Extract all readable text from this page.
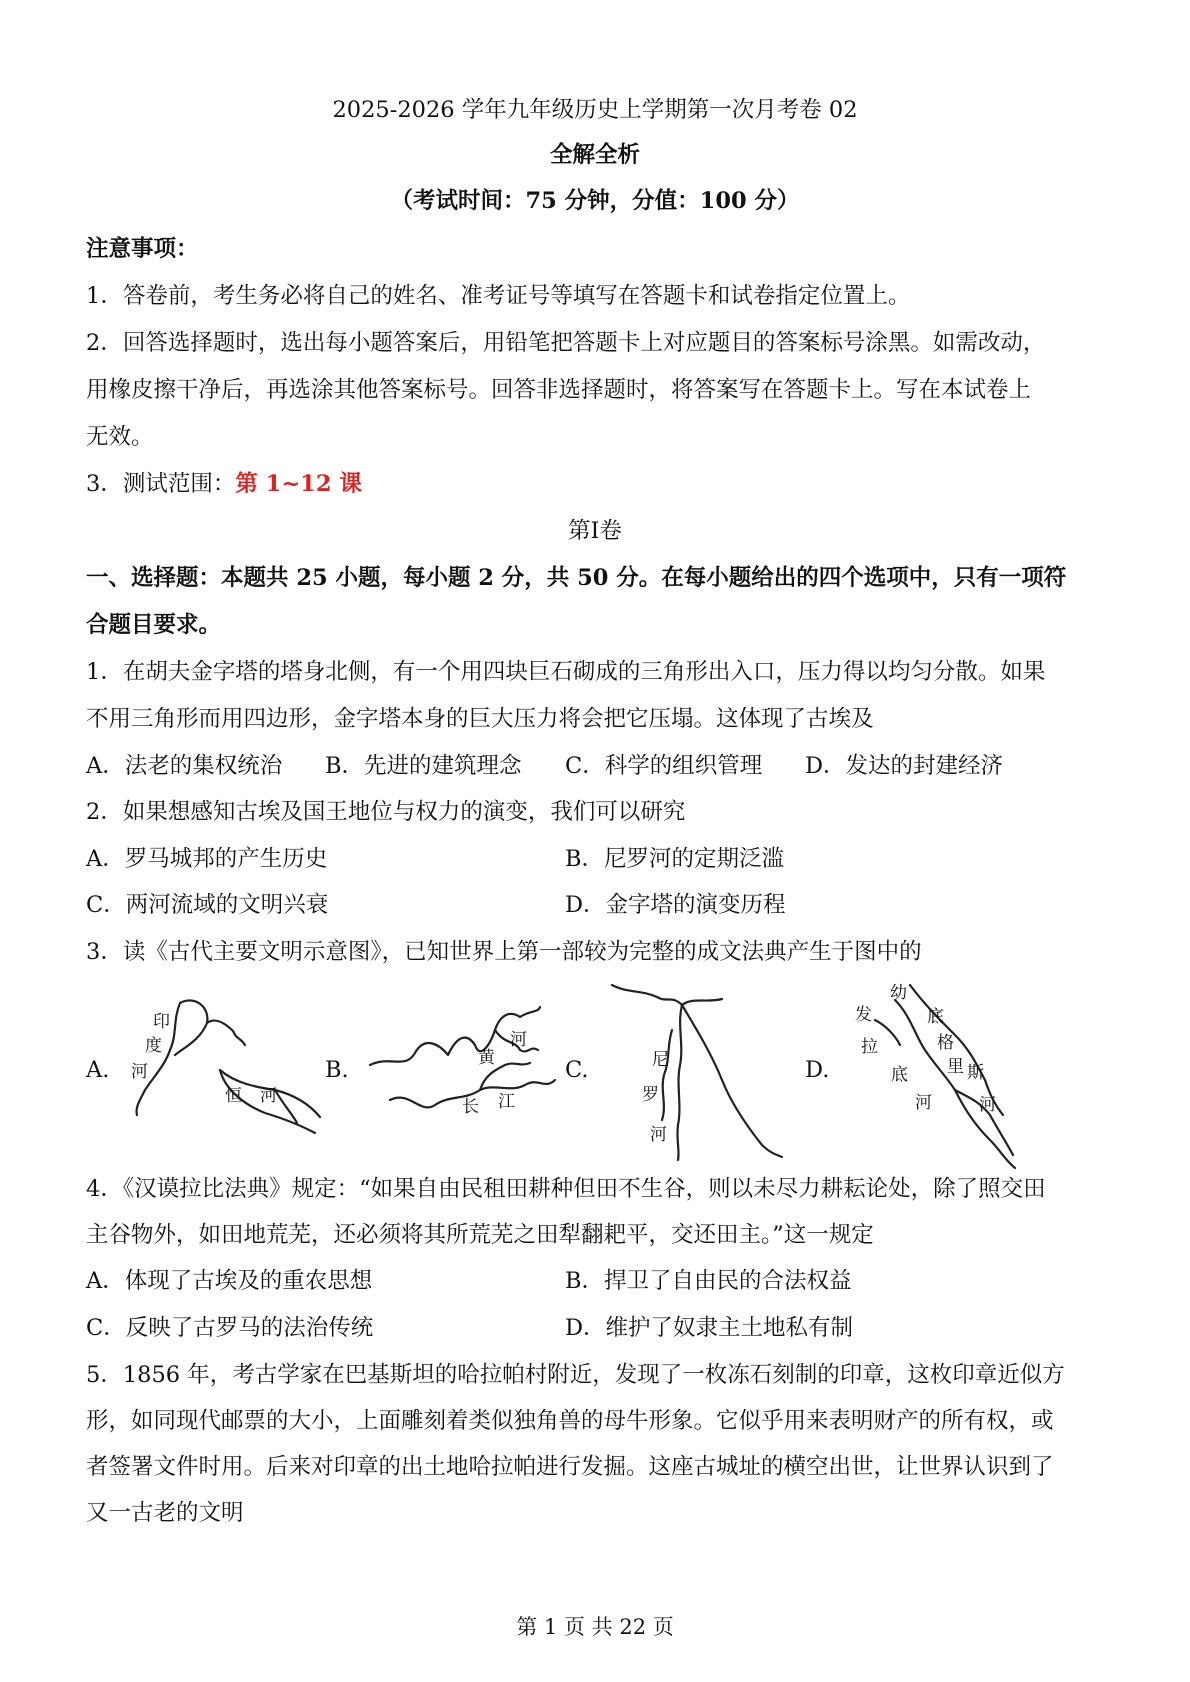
2025-2026 学年九年级历史上学期第一次月考卷 02
全解全析
（考试时间：75 分钟，分值：100 分）
注意事项：
1．答卷前，考生务必将自己的姓名、准考证号等填写在答题卡和试卷指定位置上。
2．回答选择题时，选出每小题答案后，用铅笔把答题卡上对应题目的答案标号涂黑。如需改动，
用橡皮擦干净后，再选涂其他答案标号。回答非选择题时，将答案写在答题卡上。写在本试卷上
无效。
3．测试范围：第 1~12 课
第Ⅰ卷
一、选择题：本题共 25 小题，每小题 2 分，共 50 分。在每小题给出的四个选项中，只有一项符
合题目要求。
1．在胡夫金字塔的塔身北侧，有一个用四块巨石砌成的三角形出入口，压力得以均匀分散。如果
不用三角形而用四边形，金字塔本身的巨大压力将会把它压塌。这体现了古埃及
A．法老的集权统治 B．先进的建筑理念 C．科学的组织管理 D．发达的封建经济
2．如果想感知古埃及国王地位与权力的演变，我们可以研究
A．罗马城邦的产生历史	B．尼罗河的定期泛滥
C．两河流域的文明兴衰	D．金字塔的演变历程
3．读《古代主要文明示意图》，已知世界上第一部较为完整的成文法典产生于图中的
A.	B.	C.	D.
印
度
河
恒 河
黄
河
长 江
尼
罗
河
幼
发
拉
底
格
里 斯
底
河	河
4．《汉谟拉比法典》规定：“如果自由民租田耕种但田不生谷，则以未尽力耕耘论处，除了照交田
主谷物外，如田地荒芜，还必须将其所荒芜之田犁翻耙平，交还田主。”这一规定
A．体现了古埃及的重农思想	B．捍卫了自由民的合法权益
C．反映了古罗马的法治传统	D．维护了奴隶主土地私有制
5．1856 年，考古学家在巴基斯坦的哈拉帕村附近，发现了一枚冻石刻制的印章，这枚印章近似方
形，如同现代邮票的大小，上面雕刻着类似独角兽的母牛形象。它似乎用来表明财产的所有权，或
者签署文件时用。后来对印章的出土地哈拉帕进行发掘。这座古城址的横空出世，让世界认识到了
又一古老的文明
第 1 页 共 22 页
